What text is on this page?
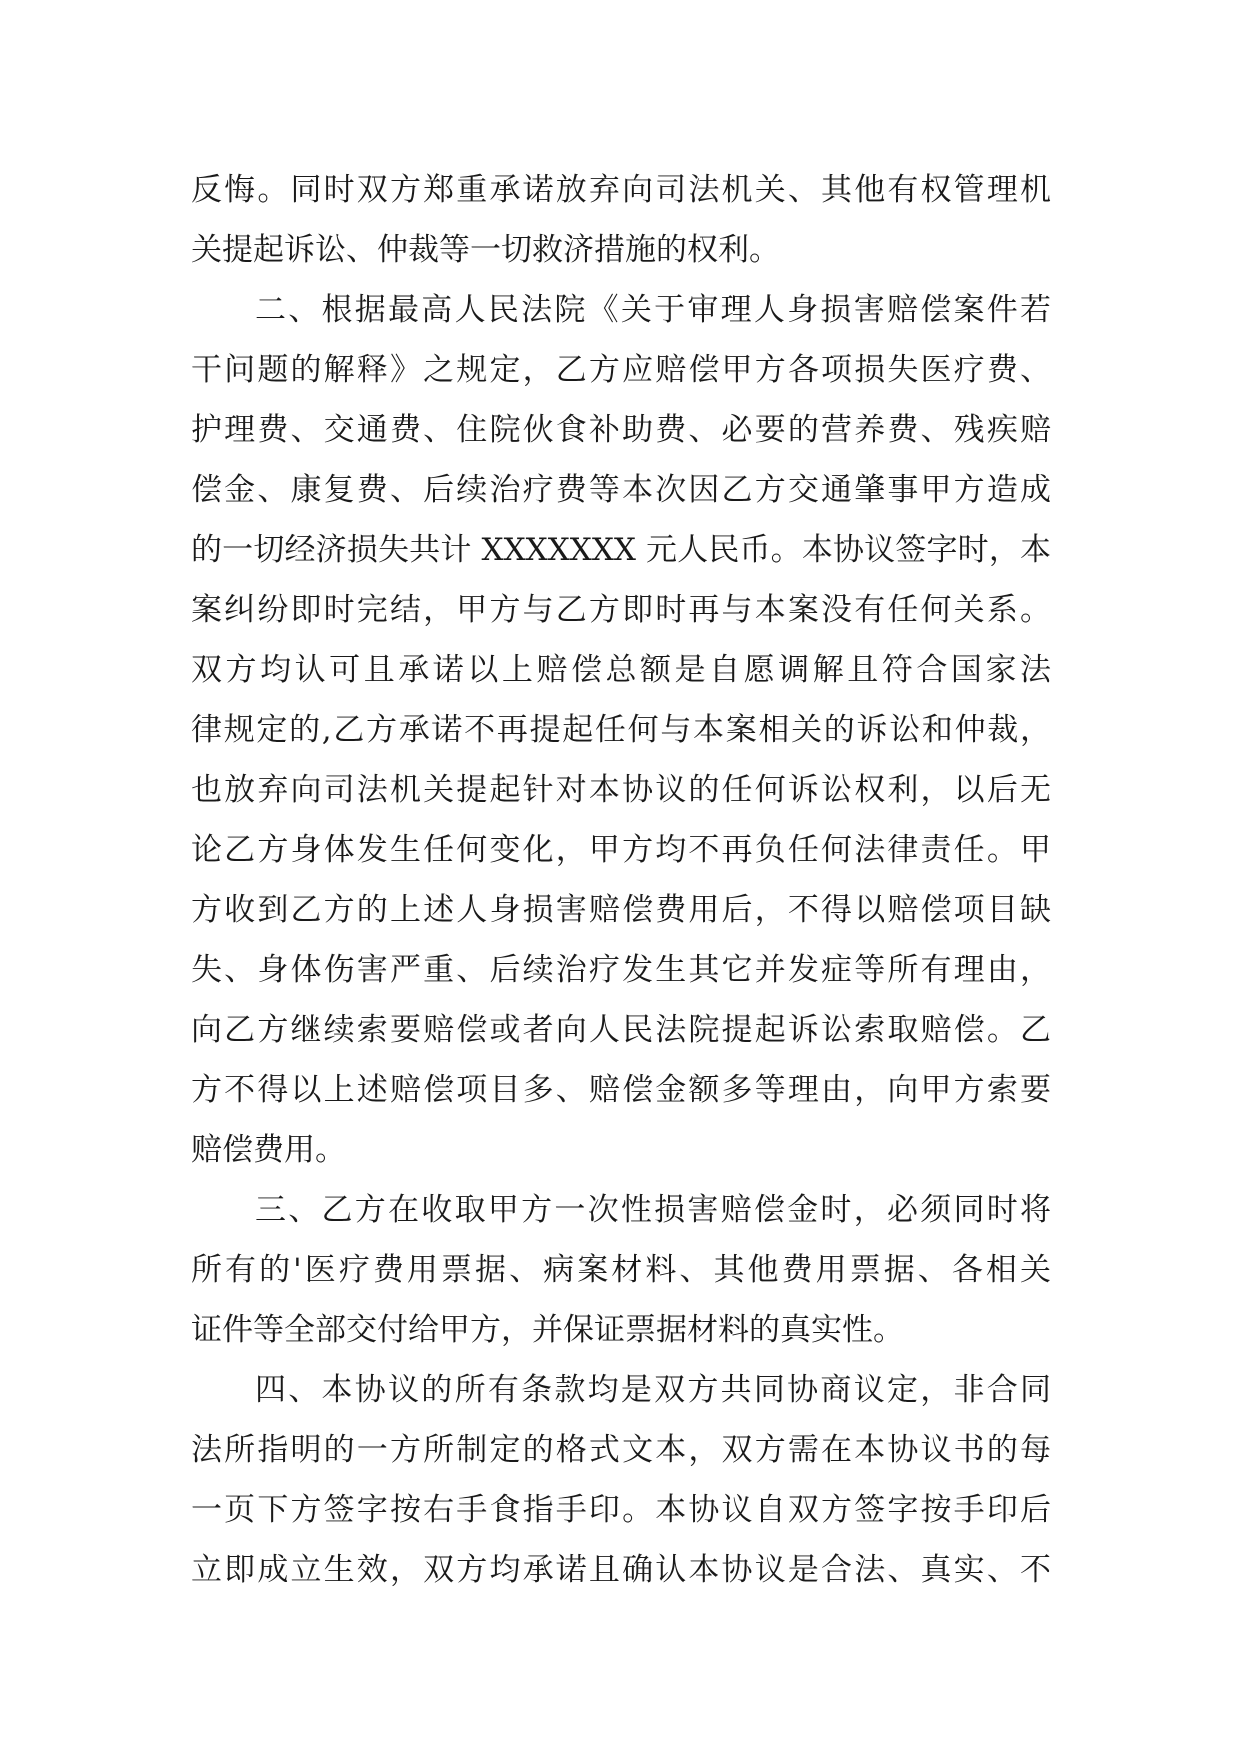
反悔。同时双方郑重承诺放弃向司法机关、其他有权管理机
关提起诉讼、仲裁等一切救济措施的权利。
二、根据最高人民法院《关于审理人身损害赔偿案件若
干问题的解释》之规定，乙方应赔偿甲方各项损失医疗费、
护理费、交通费、住院伙食补助费、必要的营养费、残疾赔
偿金、康复费、后续治疗费等本次因乙方交通肇事甲方造成
的一切经济损失共计 XXXXXXX 元人民币。本协议签字时，本
案纠纷即时完结，甲方与乙方即时再与本案没有任何关系。
双方均认可且承诺以上赔偿总额是自愿调解且符合国家法
律规定的,乙方承诺不再提起任何与本案相关的诉讼和仲裁，
也放弃向司法机关提起针对本协议的任何诉讼权利，以后无
论乙方身体发生任何变化，甲方均不再负任何法律责任。甲
方收到乙方的上述人身损害赔偿费用后，不得以赔偿项目缺
失、身体伤害严重、后续治疗发生其它并发症等所有理由，
向乙方继续索要赔偿或者向人民法院提起诉讼索取赔偿。乙
方不得以上述赔偿项目多、赔偿金额多等理由，向甲方索要
赔偿费用。
三、乙方在收取甲方一次性损害赔偿金时，必须同时将
所有的'医疗费用票据、病案材料、其他费用票据、各相关
证件等全部交付给甲方，并保证票据材料的真实性。
四、本协议的所有条款均是双方共同协商议定，非合同
法所指明的一方所制定的格式文本，双方需在本协议书的每
一页下方签字按右手食指手印。本协议自双方签字按手印后
立即成立生效，双方均承诺且确认本协议是合法、真实、不
